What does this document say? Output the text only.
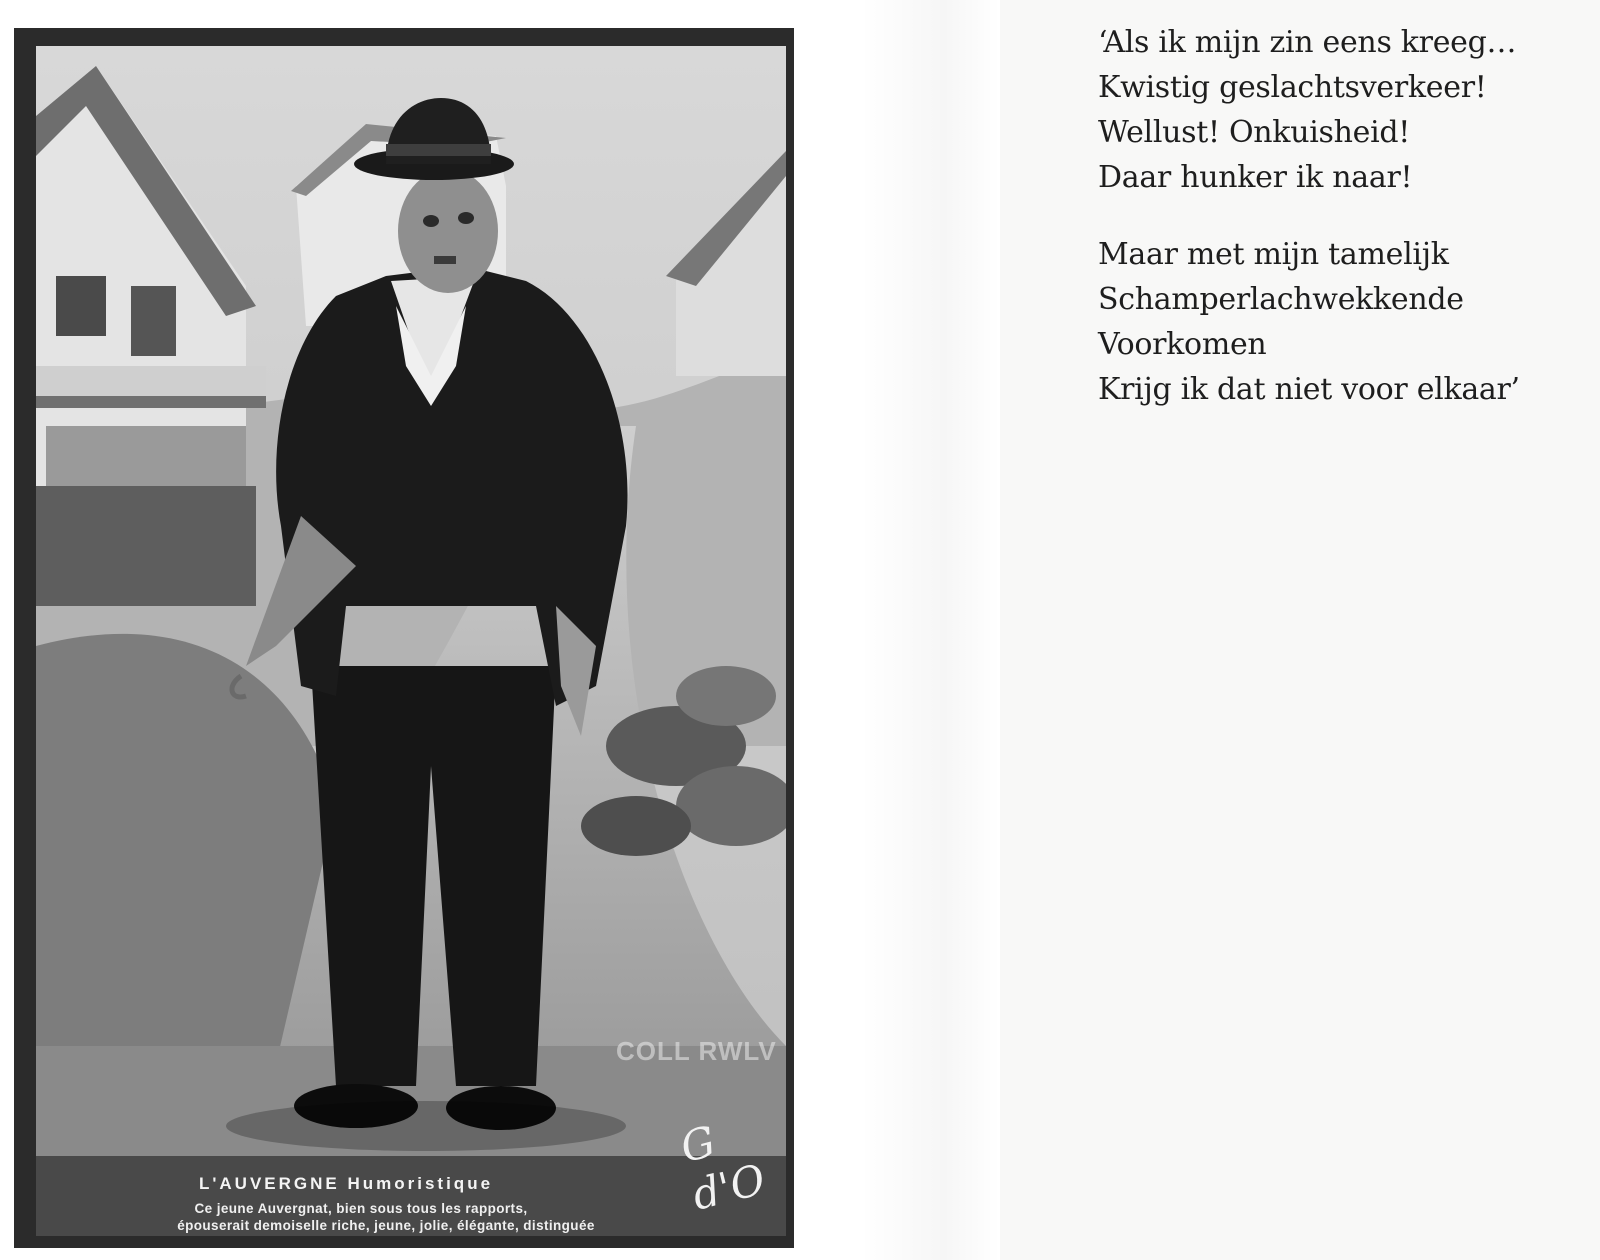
COLL RWLV
G d'O
L'AUVERGNE Humoristique
Ce jeune Auvergnat, bien sous tous les rapports,
épouserait demoiselle riche, jeune, jolie, élégante, distinguée
‘Als ik mijn zin eens kreeg…
Kwistig geslachtsverkeer!
Wellust! Onkuisheid!
Daar hunker ik naar!
Maar met mijn tamelijk
Schamperlachwekkende
Voorkomen
Krijg ik dat niet voor elkaar’
